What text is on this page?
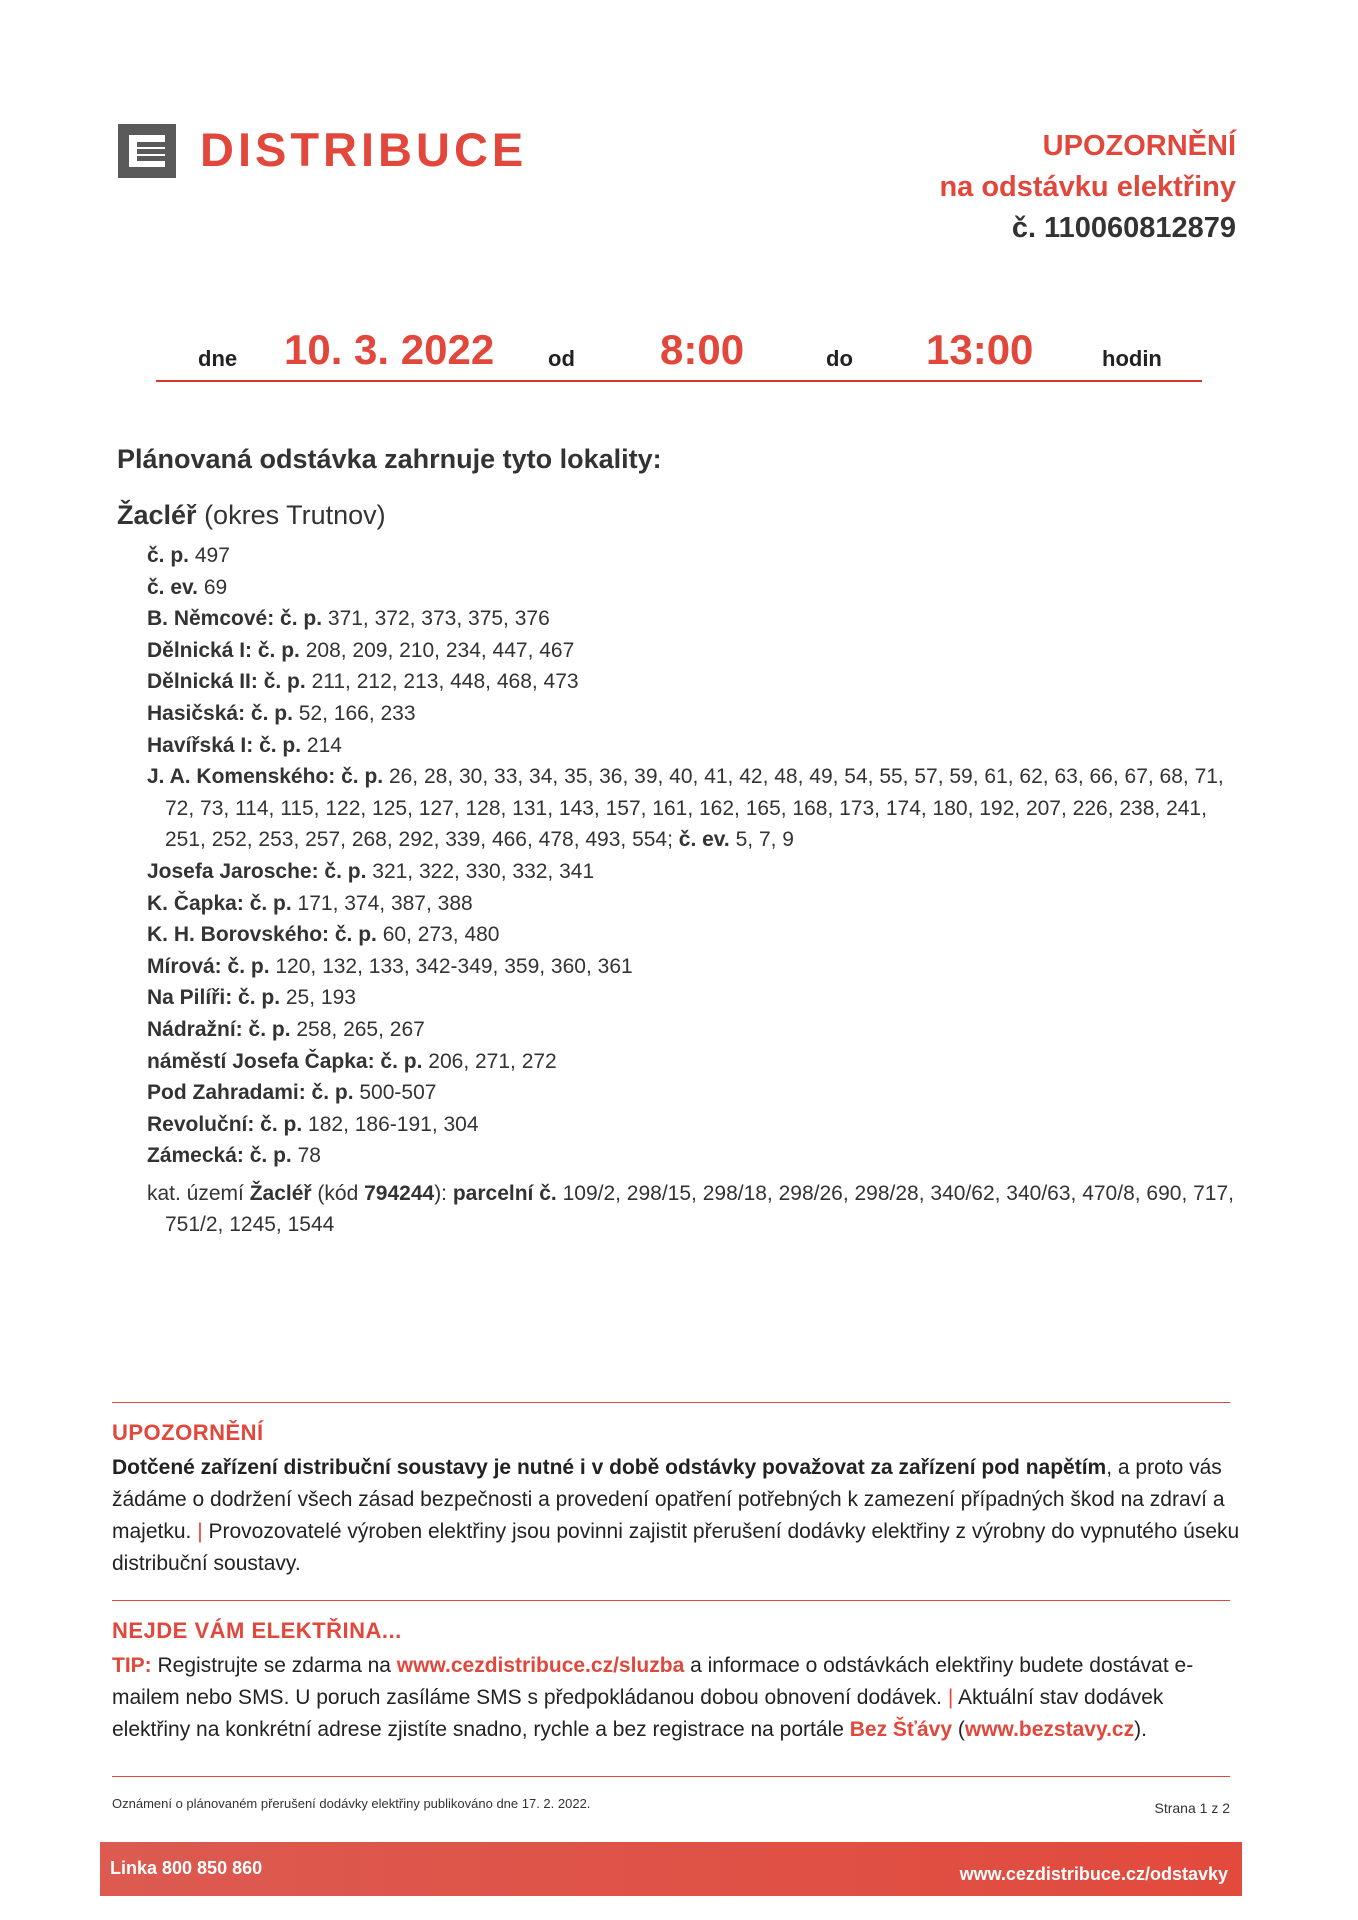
DISTRIBUCE	UPOZORNĚNÍ
na odstávku elektřiny
č. 110060812879
dne 10. 3. 2022 od 8:00	do 13:00	hodin
Plánovaná odstávka zahrnuje tyto lokality:
Žacléř (okres Trutnov)
č. p. 497
č. ev. 69
B. Němcové: č. p. 371, 372, 373, 375, 376
Dělnická I: č. p. 208, 209, 210, 234, 447, 467
Dělnická II: č. p. 211, 212, 213, 448, 468, 473
Hasičská: č. p. 52, 166, 233
Havířská I: č. p. 214
J. A. Komenského: č. p. 26, 28, 30, 33, 34, 35, 36, 39, 40, 41, 42, 48, 49, 54, 55, 57, 59, 61, 62, 63, 66, 67, 68, 71, 72, 73, 114, 115, 122, 125, 127, 128, 131, 143, 157, 161, 162, 165, 168, 173, 174, 180, 192, 207, 226, 238, 241, 251, 252, 253, 257, 268, 292, 339, 466, 478, 493, 554; č. ev. 5, 7, 9
Josefa Jarosche: č. p. 321, 322, 330, 332, 341
K. Čapka: č. p. 171, 374, 387, 388
K. H. Borovského: č. p. 60, 273, 480
Mírová: č. p. 120, 132, 133, 342-349, 359, 360, 361
Na Pilíři: č. p. 25, 193
Nádražní: č. p. 258, 265, 267
náměstí Josefa Čapka: č. p. 206, 271, 272
Pod Zahradami: č. p. 500-507
Revoluční: č. p. 182, 186-191, 304
Zámecká: č. p. 78
kat. území Žacléř (kód 794244): parcelní č. 109/2, 298/15, 298/18, 298/26, 298/28, 340/62, 340/63, 470/8, 690, 717, 751/2, 1245, 1544
UPOZORNĚNÍ
Dotčené zařízení distribuční soustavy je nutné i v době odstávky považovat za zařízení pod napětím, a proto vás žádáme o dodržení všech zásad bezpečnosti a provedení opatření potřebných k zamezení případných škod na zdraví a majetku. | Provozovatelé výroben elektřiny jsou povinni zajistit přerušení dodávky elektřiny z výrobny do vypnutého úseku distribuční soustavy.
NEJDE VÁM ELEKTŘINA...
TIP: Registrujte se zdarma na www.cezdistribuce.cz/sluzba a informace o odstávkách elektřiny budete dostávat e-mailem nebo SMS. U poruch zasíláme SMS s předpokládanou dobou obnovení dodávek. | Aktuální stav dodávek elektřiny na konkrétní adrese zjistíte snadno, rychle a bez registrace na portále Bez Šťávy (www.bezstavy.cz).
Oznámení o plánovaném přerušení dodávky elektřiny publikováno dne 17. 2. 2022.	Strana 1 z 2
Linka 800 850 860	www.cezdistribuce.cz/odstavky
